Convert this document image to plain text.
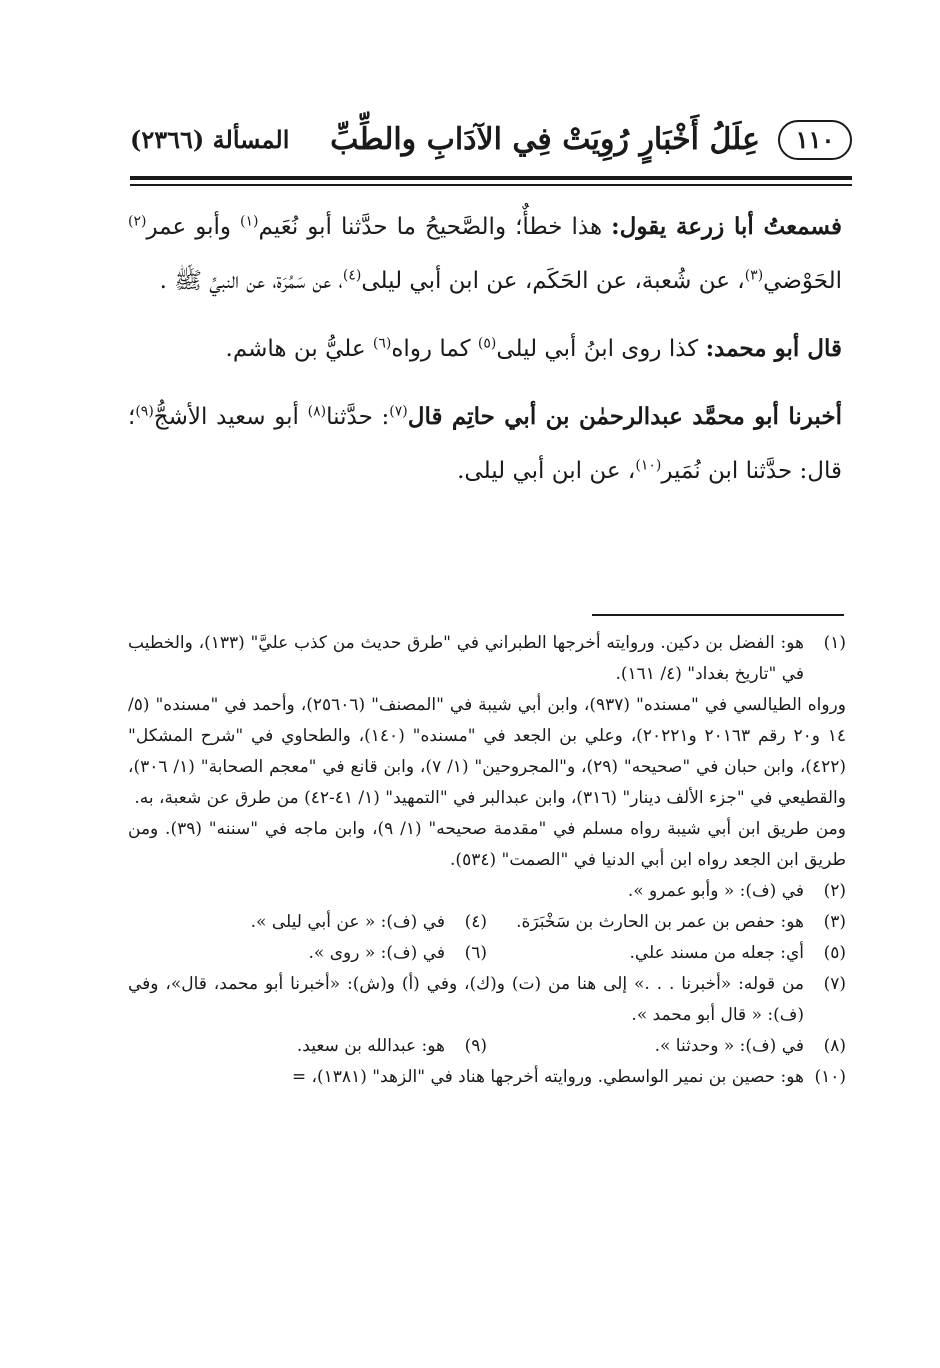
١١٠
عِلَلُ أَخْبَارٍ رُوِيَتْ فِي الآدَابِ والطِّبِّ
المسألة (٢٣٦٦)

فسمعتُ أبا زرعة يقول: هذا خطأٌ؛ والصَّحيحُ ما حدَّثنا أبو نُعَيم$^{(١)}$ وأبو عمر$^{(٢)}$ الحَوْضي$^{(٣)}$، عن شُعبة، عن الحَكَم، عن ابن أبي ليلى$^{(٤)}$، عن سَمُرَة، عن النبيِّ ﷺ .

قال أبو محمد: كذا روى ابنُ أبي ليلى$^{(٥)}$ كما رواه$^{(٦)}$ عليُّ بن هاشم.

أخبرنا أبو محمَّد عبدالرحمٰن بن أبي حاتِم قال$^{(٧)}$: حدَّثنا$^{(٨)}$ أبو سعيد الأشجُّ$^{(٩)}$؛ قال: حدَّثنا ابن نُمَير$^{(١٠)}$، عن ابن أبي ليلى.

(١)

هو: الفضل بن دكين. وروايته أخرجها الطبراني في "طرق حديث من كذب عليَّ" (١٣٣)، والخطيب في "تاريخ بغداد" (٤/ ١٦١).

ورواه الطيالسي في "مسنده" (٩٣٧)، وابن أبي شيبة في "المصنف" (٢٥٦٠٦)، وأحمد في "مسنده" (٥/ ١٤ و٢٠ رقم ٢٠١٦٣ و٢٠٢٢١)، وعلي بن الجعد في "مسنده" (١٤٠)، والطحاوي في "شرح المشكل" (٤٢٢)، وابن حبان في "صحيحه" (٢٩)، و"المجروحين" (١/ ٧)، وابن قانع في "معجم الصحابة" (١/ ٣٠٦)، والقطيعي في "جزء الألف دينار" (٣١٦)، وابن عبدالبر في "التمهيد" (١/ ٤١-٤٢) من طرق عن شعبة، به.

ومن طريق ابن أبي شيبة رواه مسلم في "مقدمة صحيحه" (١/ ٩)، وابن ماجه في "سننه" (٣٩). ومن طريق ابن الجعد رواه ابن أبي الدنيا في "الصمت" (٥٣٤).

(٢)
في (ف): « وأبو عمرو ».
(٣)
هو: حفص بن عمر بن الحارث بن سَخْبَرَة.
(٤)
في (ف): « عن أبي ليلى ».
(٥)
أي: جعله من مسند علي.
(٦)
في (ف): « روى ».
(٧)
من قوله: «أخبرنا . . .» إلى هنا من (ت) و(ك)، وفي (أ) و(ش): «أخبرنا أبو محمد، قال»، وفي (ف): « قال أبو محمد ».
(٨)
في (ف): « وحدثنا ».
(٩)
هو: عبدالله بن سعيد.
(١٠)
هو: حصين بن نمير الواسطي. وروايته أخرجها هناد في "الزهد" (١٣٨١)، =
